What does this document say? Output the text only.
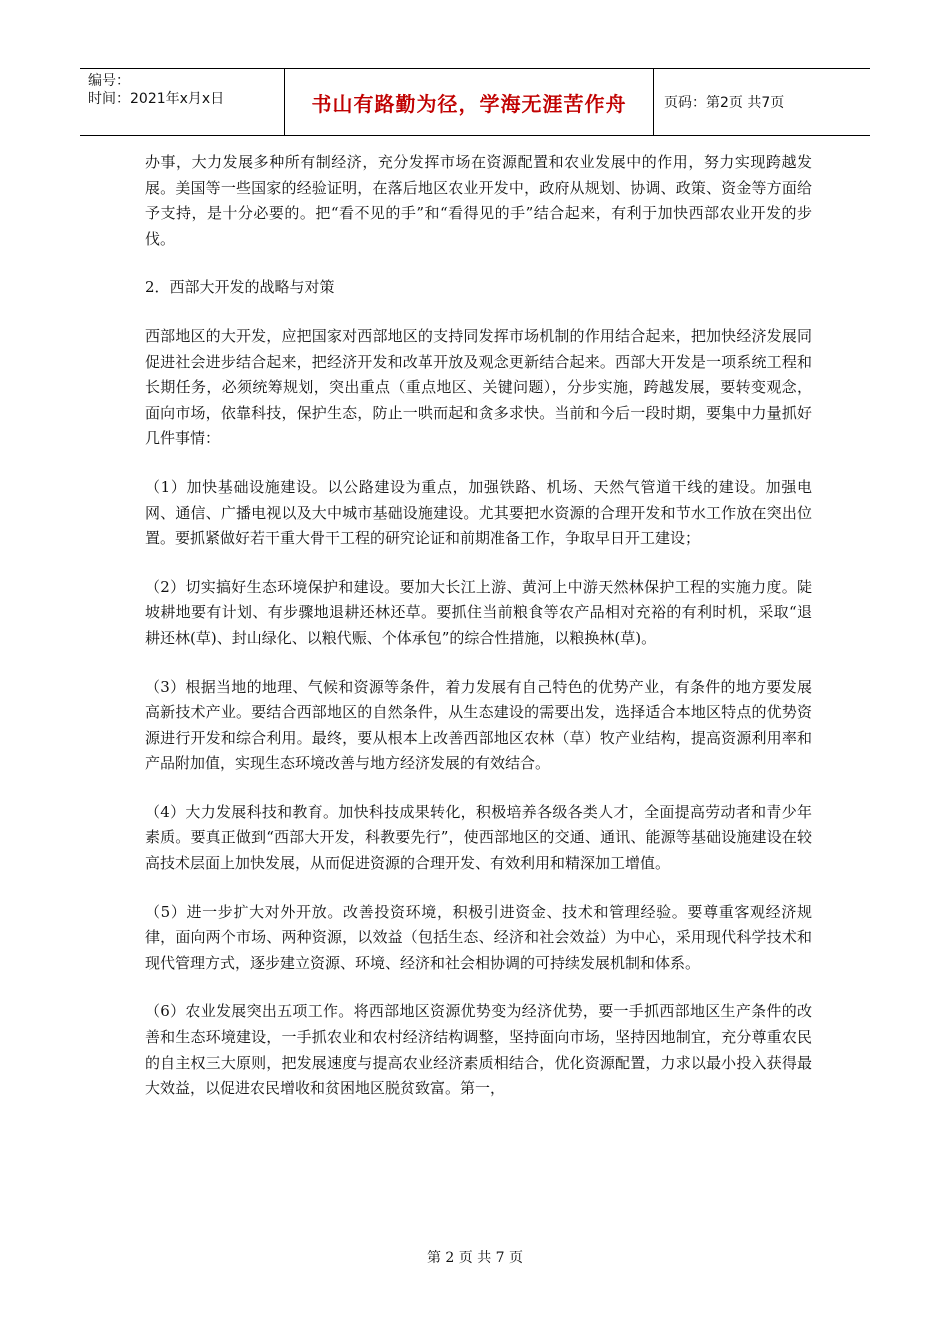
编号：
时间：2021年x月x日	书山有路勤为径，学海无涯苦作舟	页码：第2页 共7页

办事，大力发展多种所有制经济，充分发挥市场在资源配置和农业发展中的作用，努力实现跨越发展。美国等一些国家的经验证明，在落后地区农业开发中，政府从规划、协调、政策、资金等方面给予支持，是十分必要的。把“看不见的手”和“看得见的手”结合起来，有利于加快西部农业开发的步伐。

2．西部大开发的战略与对策

西部地区的大开发，应把国家对西部地区的支持同发挥市场机制的作用结合起来，把加快经济发展同促进社会进步结合起来，把经济开发和改革开放及观念更新结合起来。西部大开发是一项系统工程和长期任务，必须统筹规划，突出重点（重点地区、关键问题），分步实施，跨越发展，要转变观念，面向市场，依靠科技，保护生态，防止一哄而起和贪多求快。当前和今后一段时期，要集中力量抓好几件事情：

（1）加快基础设施建设。以公路建设为重点，加强铁路、机场、天然气管道干线的建设。加强电网、通信、广播电视以及大中城市基础设施建设。尤其要把水资源的合理开发和节水工作放在突出位置。要抓紧做好若干重大骨干工程的研究论证和前期准备工作，争取早日开工建设；

（2）切实搞好生态环境保护和建设。要加大长江上游、黄河上中游天然林保护工程的实施力度。陡坡耕地要有计划、有步骤地退耕还林还草。要抓住当前粮食等农产品相对充裕的有利时机，采取“退耕还林(草)、封山绿化、以粮代赈、个体承包”的综合性措施，以粮换林(草)。

（3）根据当地的地理、气候和资源等条件，着力发展有自己特色的优势产业，有条件的地方要发展高新技术产业。要结合西部地区的自然条件，从生态建设的需要出发，选择适合本地区特点的优势资源进行开发和综合利用。最终，要从根本上改善西部地区农林（草）牧产业结构，提高资源利用率和产品附加值，实现生态环境改善与地方经济发展的有效结合。

（4）大力发展科技和教育。加快科技成果转化，积极培养各级各类人才，全面提高劳动者和青少年素质。要真正做到“西部大开发，科教要先行”，使西部地区的交通、通讯、能源等基础设施建设在较高技术层面上加快发展，从而促进资源的合理开发、有效利用和精深加工增值。

（5）进一步扩大对外开放。改善投资环境，积极引进资金、技术和管理经验。要尊重客观经济规律，面向两个市场、两种资源，以效益（包括生态、经济和社会效益）为中心，采用现代科学技术和现代管理方式，逐步建立资源、环境、经济和社会相协调的可持续发展机制和体系。

（6）农业发展突出五项工作。将西部地区资源优势变为经济优势，要一手抓西部地区生产条件的改善和生态环境建设，一手抓农业和农村经济结构调整，坚持面向市场，坚持因地制宜，充分尊重农民的自主权三大原则，把发展速度与提高农业经济素质相结合，优化资源配置，力求以最小投入获得最大效益，以促进农民增收和贫困地区脱贫致富。第一，

第 2 页 共 7 页
